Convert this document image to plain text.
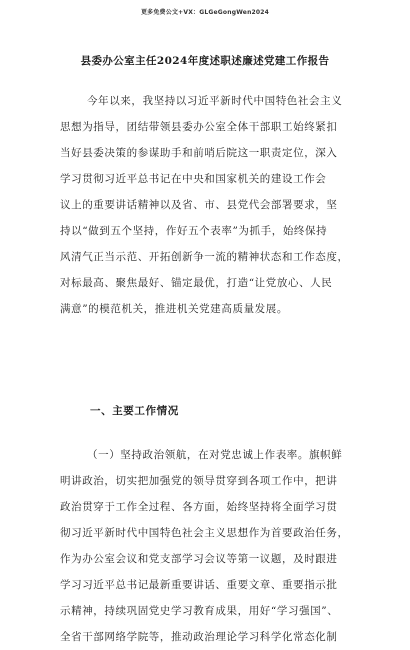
更多免费公文+VX：GLGeGongWen2024
县委办公室主任2024年度述职述廉述党建工作报告
今年以来，我坚持以习近平新时代中国特色社会主义
思想为指导，团结带领县委办公室全体干部职工始终紧扣
当好县委决策的参谋助手和前哨后院这一职责定位，深入
学习贯彻习近平总书记在中央和国家机关的建设工作会
议上的重要讲话精神以及省、市、县党代会部署要求，坚
持以“做到五个坚持，作好五个表率”为抓手，始终保持
风清气正当示范、开拓创新争一流的精神状态和工作态度，
对标最高、聚焦最好、锚定最优，打造“让党放心、人民
满意”的模范机关，推进机关党建高质量发展。
一、主要工作情况
（一）坚持政治领航，在对党忠诚上作表率。旗帜鲜
明讲政治，切实把加强党的领导贯穿到各项工作中，把讲
政治贯穿于工作全过程、各方面，始终坚持将全面学习贯
彻习近平新时代中国特色社会主义思想作为首要政治任务，
作为办公室会议和党支部学习会议等第一议题，及时跟进
学习习近平总书记最新重要讲话、重要文章、重要指示批
示精神，持续巩固党史学习教育成果，用好“学习强国”、
全省干部网络学院等，推动政治理论学习科学化常态化制
